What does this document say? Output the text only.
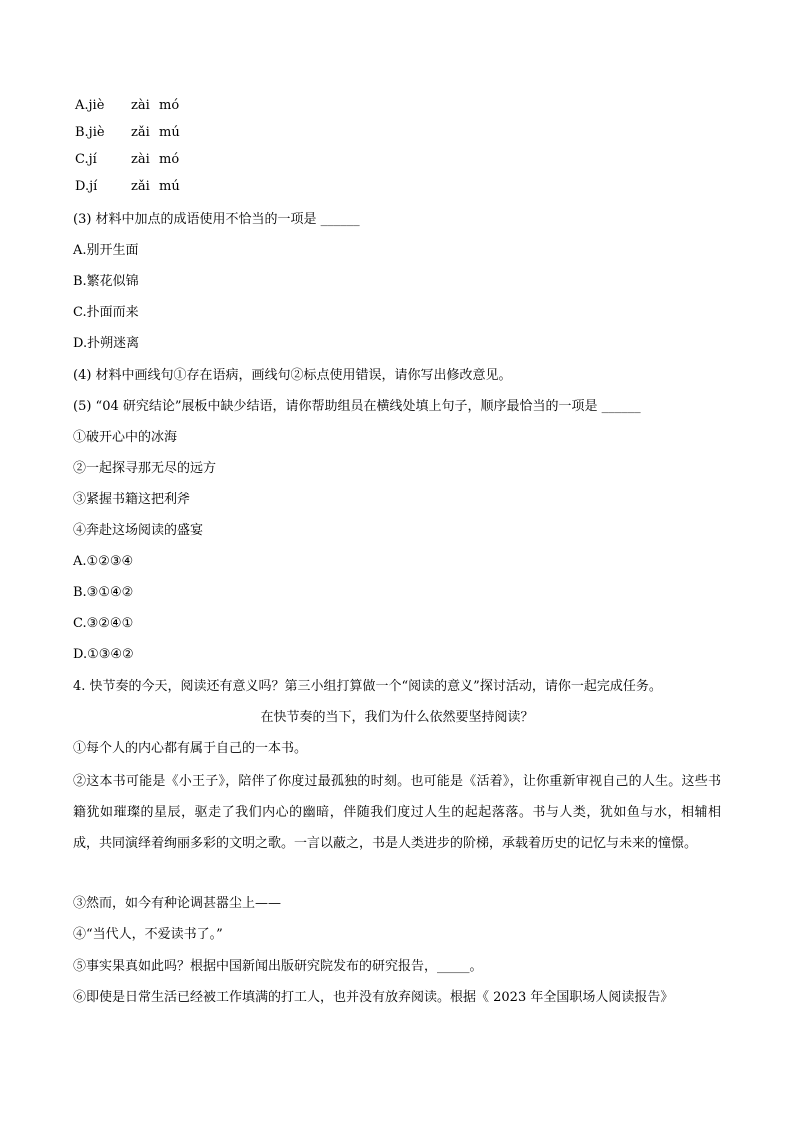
A.jiè zài mó
B.jiè zǎi mú
C.jí	zài mó
D.jí	zǎi mú
(3) 材料中加点的成语使用不恰当的一项是 ______
A.别开生面
B.繁花似锦
C.扑面而来
D.扑朔迷离
(4) 材料中画线句①存在语病，画线句②标点使用错误，请你写出修改意见。
(5) “04 研究结论”展板中缺少结语，请你帮助组员在横线处填上句子，顺序最恰当的一项是 ______
①破开心中的冰海
②一起探寻那无尽的远方
③紧握书籍这把利斧
④奔赴这场阅读的盛宴
A.①②③④
B.③①④②
C.③②④①
D.①③④②
4. 快节奏的今天，阅读还有意义吗？第三小组打算做一个“阅读的意义”探讨活动，请你一起完成任务。
在快节奏的当下，我们为什么依然要坚持阅读？
①每个人的内心都有属于自己的一本书。
②这本书可能是《小王子》，陪伴了你度过最孤独的时刻。也可能是《活着》，让你重新审视自己的人生。这些书籍犹如璀璨的星辰，驱走了我们内心的幽暗，伴随我们度过人生的起起落落。书与人类，犹如鱼与水，相辅相成，共同演绎着绚丽多彩的文明之歌。一言以蔽之，书是人类进步的阶梯，承载着历史的记忆与未来的憧憬。
③然而，如今有种论调甚嚣尘上——
④“当代人，不爱读书了。”
⑤事实果真如此吗？根据中国新闻出版研究院发布的研究报告，_____。
⑥即使是日常生活已经被工作填满的打工人，也并没有放弃阅读。根据《 2023 年全国职场人阅读报告》
